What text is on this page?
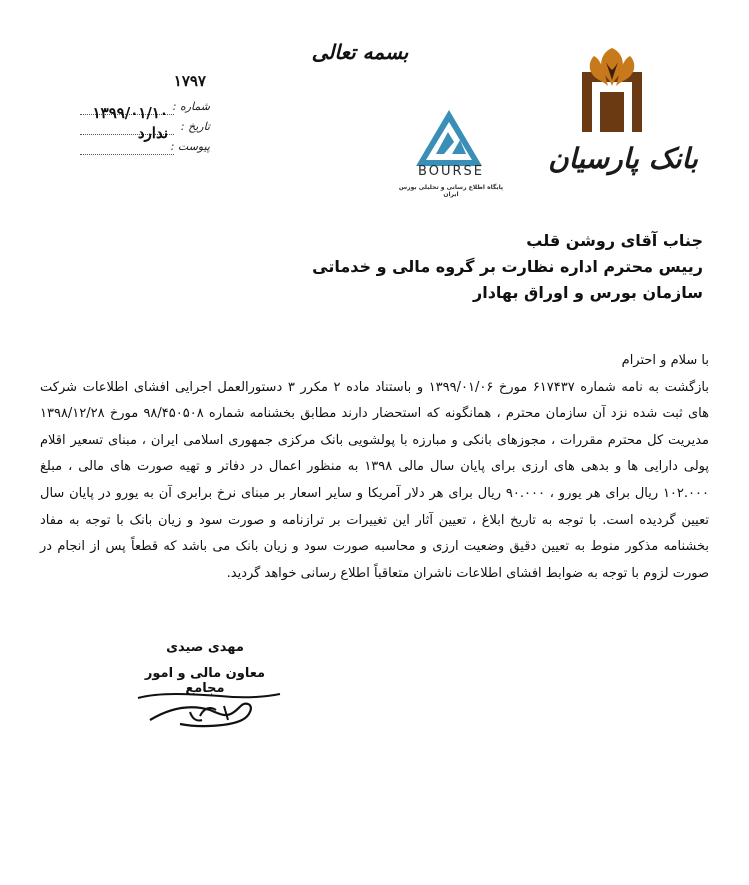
بسمه تعالی
بانک پارسیان
BOURSE
پایگاه اطلاع رسانی و تحلیلی بورس ایران
۱۷۹۷
شماره :
تاریخ :
۱۳۹۹/۰۱/۱۰
پیوست :
ندارد
جناب آقای روشن قلب
رییس محترم اداره نظارت بر گروه مالی و خدماتی
سازمان بورس و اوراق بهادار
با سلام و احترام
بازگشت به نامه شماره ۶۱۷۴۳۷ مورخ ۱۳۹۹/۰۱/۰۶ و باستناد ماده ۲ مکرر ۳ دستورالعمل اجرایی افشای اطلاعات شرکت های ثبت شده نزد آن سازمان محترم ، همانگونه که استحضار دارند مطابق بخشنامه شماره ۹۸/۴۵۰۵۰۸ مورخ ۱۳۹۸/۱۲/۲۸ مدیریت کل محترم مقررات ، مجوزهای بانکی و مبارزه با پولشویی بانک مرکزی جمهوری اسلامی ایران ، مبنای تسعیر اقلام پولی دارایی ها و بدهی های ارزی برای پایان سال مالی ۱۳۹۸ به منظور اعمال در دفاتر و تهیه صورت های مالی ، مبلغ ۱۰۲.۰۰۰ ریال برای هر یورو ، ۹۰.۰۰۰ ریال برای هر دلار آمریکا و سایر اسعار بر مبنای نرخ برابری آن به یورو در پایان سال تعیین گردیده است. با توجه به تاریخ ابلاغ ، تعیین آثار این تغییرات بر ترازنامه و صورت سود و زیان بانک با توجه به مفاد بخشنامه مذکور منوط به تعیین دقیق وضعیت ارزی و محاسبه صورت سود و زیان بانک می باشد که قطعاً پس از انجام در صورت لزوم با توجه به ضوابط افشای اطلاعات ناشران متعاقباً اطلاع رسانی خواهد گردید.
مهدی صیدی
معاون مالی و امور مجامع
